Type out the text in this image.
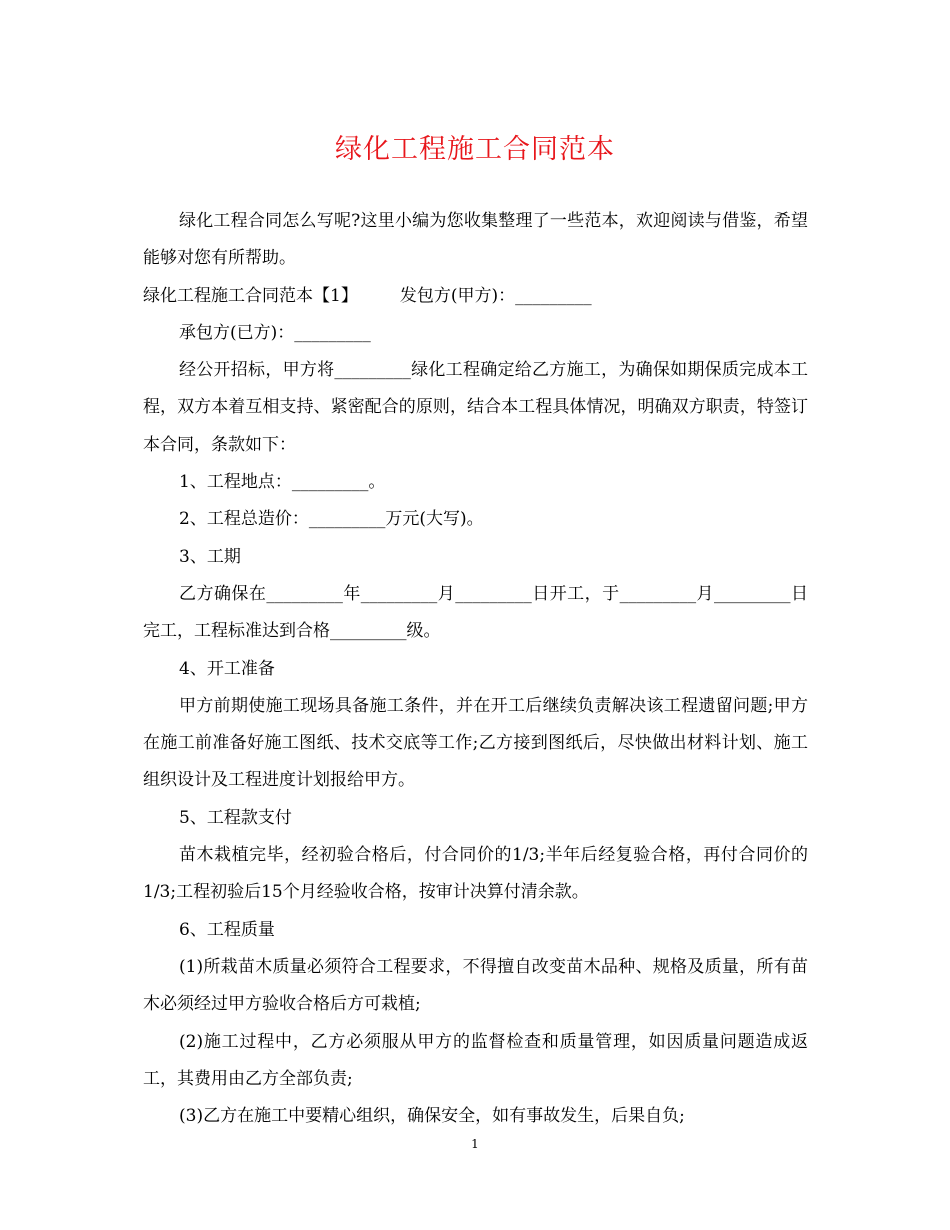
绿化工程施工合同范本

绿化工程合同怎么写呢?这里小编为您收集整理了一些范本，欢迎阅读与借鉴，希望能够对您有所帮助。

绿化工程施工合同范本【1】 发包方(甲方)：_________

承包方(已方)：_________

经公开招标，甲方将_________绿化工程确定给乙方施工，为确保如期保质完成本工程，双方本着互相支持、紧密配合的原则，结合本工程具体情况，明确双方职责，特签订本合同，条款如下：

1、工程地点：_________。

2、工程总造价：_________万元(大写)。

3、工期

乙方确保在_________年_________月_________日开工，于_________月_________日完工，工程标准达到合格_________级。

4、开工准备

甲方前期使施工现场具备施工条件，并在开工后继续负责解决该工程遗留问题;甲方在施工前准备好施工图纸、技术交底等工作;乙方接到图纸后，尽快做出材料计划、施工组织设计及工程进度计划报给甲方。

5、工程款支付

苗木栽植完毕，经初验合格后，付合同价的1/3;半年后经复验合格，再付合同价的1/3;工程初验后15个月经验收合格，按审计决算付清余款。

6、工程质量

(1)所栽苗木质量必须符合工程要求，不得擅自改变苗木品种、规格及质量，所有苗木必须经过甲方验收合格后方可栽植;

(2)施工过程中，乙方必须服从甲方的监督检查和质量管理，如因质量问题造成返工，其费用由乙方全部负责;

(3)乙方在施工中要精心组织，确保安全，如有事故发生，后果自负;

1
